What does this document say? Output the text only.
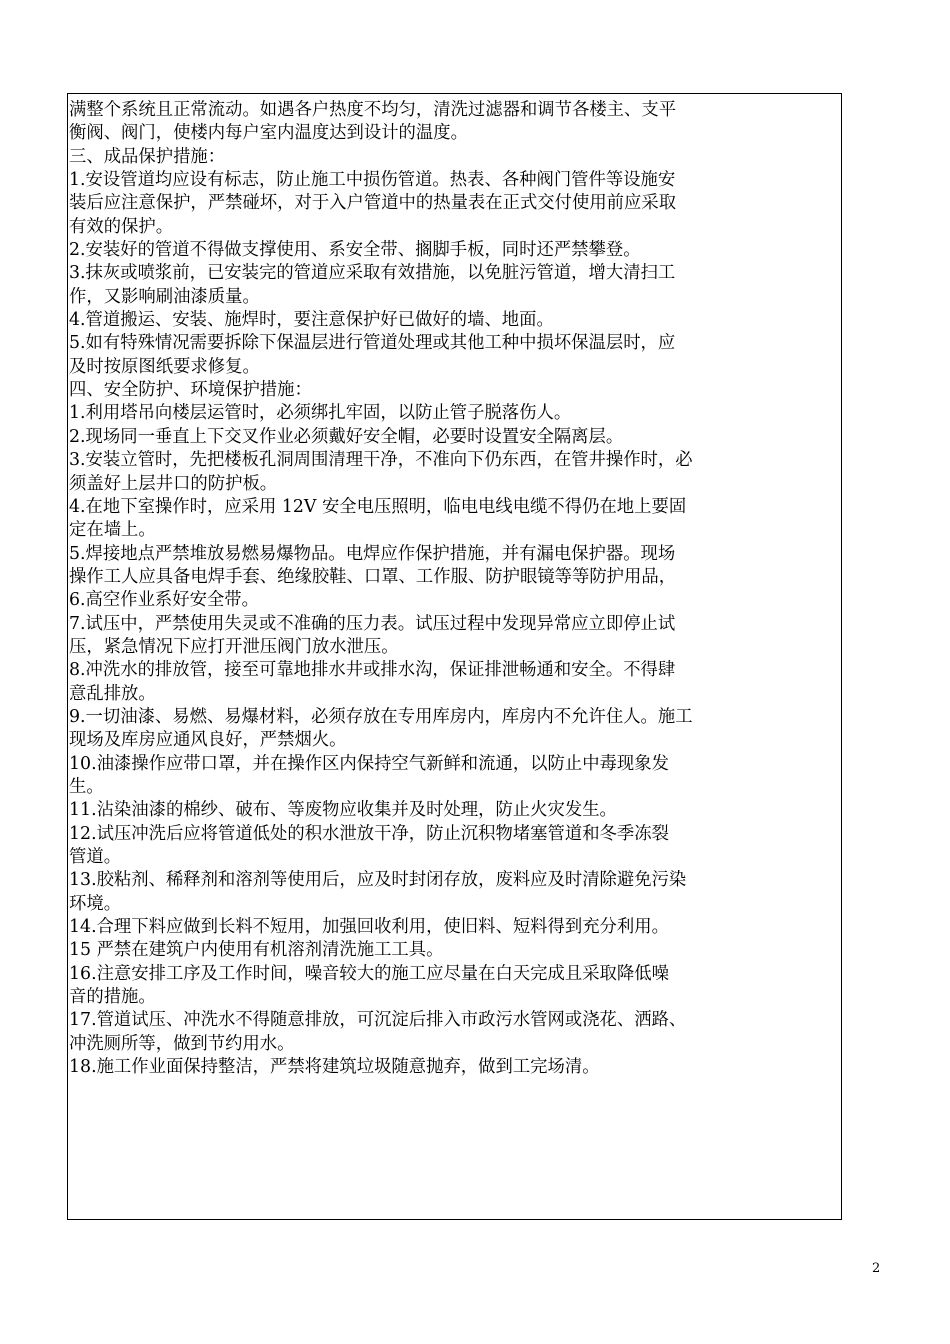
满整个系统且正常流动。如遇各户热度不均匀，清洗过滤器和调节各楼主、支平
衡阀、阀门，使楼内每户室内温度达到设计的温度。
三、成品保护措施：
1.安设管道均应设有标志，防止施工中损伤管道。热表、各种阀门管件等设施安
装后应注意保护，严禁碰坏，对于入户管道中的热量表在正式交付使用前应采取
有效的保护。
2.安装好的管道不得做支撑使用、系安全带、搁脚手板，同时还严禁攀登。
3.抹灰或喷浆前，已安装完的管道应采取有效措施，以免脏污管道，增大清扫工
作，又影响刷油漆质量。
4.管道搬运、安装、施焊时，要注意保护好已做好的墙、地面。
5.如有特殊情况需要拆除下保温层进行管道处理或其他工种中损坏保温层时，应
及时按原图纸要求修复。
四、安全防护、环境保护措施：
1.利用塔吊向楼层运管时，必须绑扎牢固，以防止管子脱落伤人。
2.现场同一垂直上下交叉作业必须戴好安全帽，必要时设置安全隔离层。
3.安装立管时，先把楼板孔洞周围清理干净，不准向下仍东西，在管井操作时，必
须盖好上层井口的防护板。
4.在地下室操作时，应采用 12V 安全电压照明，临电电线电缆不得仍在地上要固
定在墙上。
5.焊接地点严禁堆放易燃易爆物品。电焊应作保护措施，并有漏电保护器。现场
操作工人应具备电焊手套、绝缘胶鞋、口罩、工作服、防护眼镜等等防护用品，
6.高空作业系好安全带。
7.试压中，严禁使用失灵或不准确的压力表。试压过程中发现异常应立即停止试
压，紧急情况下应打开泄压阀门放水泄压。
8.冲洗水的排放管，接至可靠地排水井或排水沟，保证排泄畅通和安全。不得肆
意乱排放。
9.一切油漆、易燃、易爆材料，必须存放在专用库房内，库房内不允许住人。施工
现场及库房应通风良好，严禁烟火。
10.油漆操作应带口罩，并在操作区内保持空气新鲜和流通，以防止中毒现象发
生。
11.沾染油漆的棉纱、破布、等废物应收集并及时处理，防止火灾发生。
12.试压冲洗后应将管道低处的积水泄放干净，防止沉积物堵塞管道和冬季冻裂
管道。
13.胶粘剂、稀释剂和溶剂等使用后，应及时封闭存放，废料应及时清除避免污染
环境。
14.合理下料应做到长料不短用，加强回收利用，使旧料、短料得到充分利用。
15 严禁在建筑户内使用有机溶剂清洗施工工具。
16.注意安排工序及工作时间，噪音较大的施工应尽量在白天完成且采取降低噪
音的措施。
17.管道试压、冲洗水不得随意排放，可沉淀后排入市政污水管网或浇花、洒路、
冲洗厕所等，做到节约用水。
18.施工作业面保持整洁，严禁将建筑垃圾随意抛弃，做到工完场清。
2
